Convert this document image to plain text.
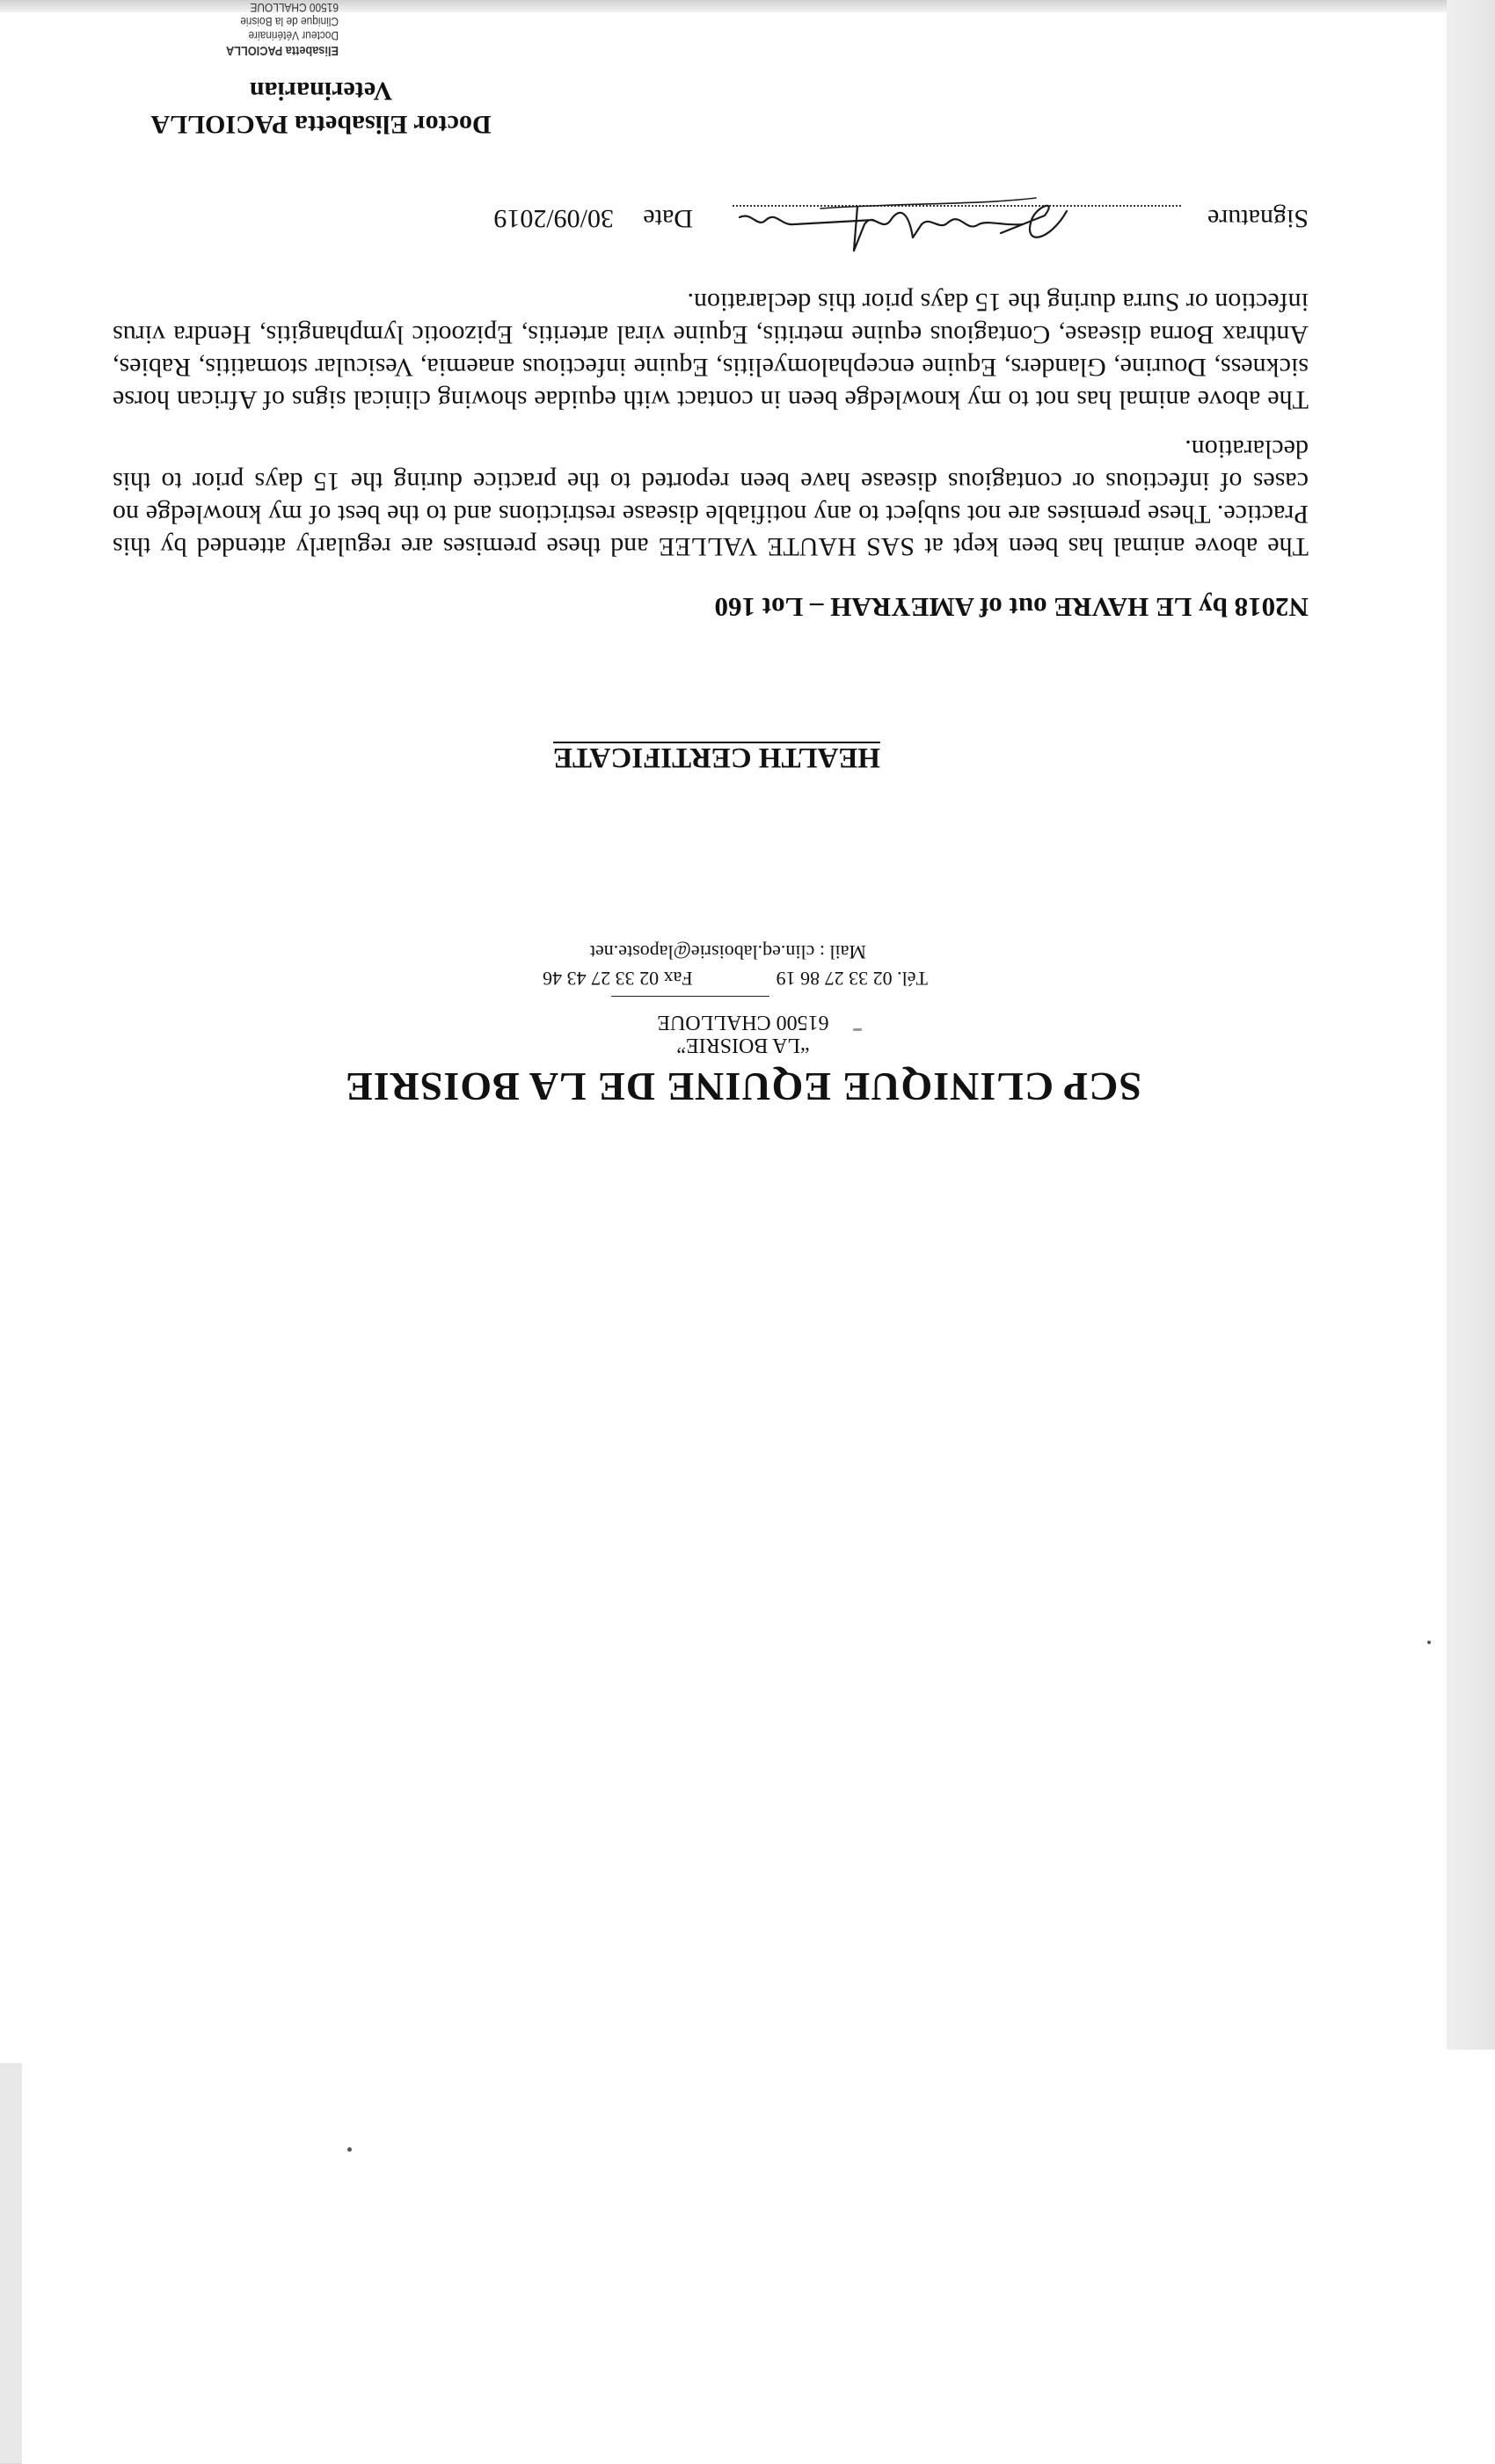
SCP CLINIQUE EQUINE DE LA BOISRIE
“LA BOISRIE”
61500 CHALLOUE
Tél. 02 33 27 86 19
Fax 02 33 27 43 46
Mail : clin.eq.laboisrie@laposte.net
HEALTH CERTIFICATE
N2018 by LE HAVRE out of AMEYRAH – Lot 160
The above animal has been kept at SAS HAUTE VALLEE and these premises are regularly attended by this Practice. These premises are not subject to any notifiable disease restrictions and to the best of my knowledge no cases of infectious or contagious disease have been reported to the practice during the 15 days prior to this declaration.
The above animal has not to my knowledge been in contact with equidae showing clinical signs of African horse sickness, Dourine, Glanders, Equine encephalomyelitis, Equine infectious anaemia, Vesicular stomatitis, Rabies, Anthrax Borna disease, Contagious equine metritis, Equine viral arteritis, Epizootic lymphangitis, Hendra virus infection or Surra during the 15 days prior this declaration.
Signature
Date
30/09/2019
Doctor Elisabetta PACIOLLA
Veterinarian
Elisabetta PACIOLLA
Docteur Vétérinaire
Clinique de la Boisrie
61500 CHALLOUE
